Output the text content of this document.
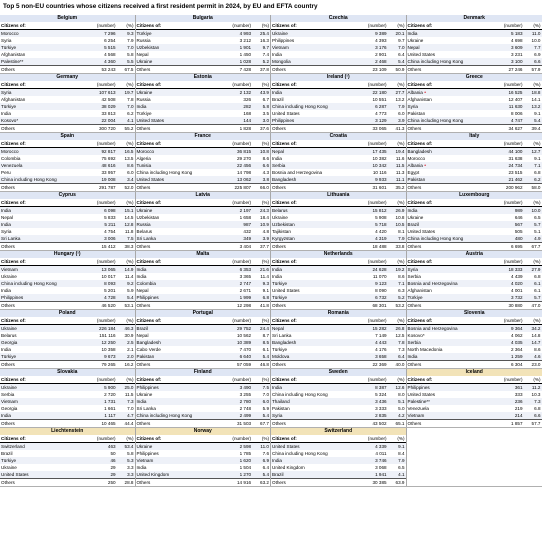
Top 5 non-EU countries whose citizens received a first resident permit in 2024, by EU and EFTA country
Belgium
Citizens of:	(number)	(%)
Morocco	7 296	9.3
Syria	6 254	7.9
Türkiye	5 515	7.0
Afghanistan	4 568	5.8
Palestine**	4 360	5.5
Others	53 243	67.5
Bulgaria
Citizens of:	(number)	(%)
Türkiye	4 993	25.4
Russia	3 212	16.3
Uzbekistan	1 901	9.7
Nepal	1 450	7.4
Ukraine	1 028	5.2
Others	7 428	37.8
Czechia
Citizens of:	(number)	(%)
Ukraine	9 389	20.1
Philippines	4 393	9.7
Vietnam	3 176	7.0
India	2 901	6.4
Mongolia	2 468	5.4
Others	23 109	50.9
Denmark
Citizens of:	(number)	(%)
India	5 183	11.0
Ukraine	4 698	10.0
Nepal	3 609	7.7
United States	3 231	6.9
China including Hong Kong	3 100	6.6
Others	27 246	57.9
Germany
Citizens of:	(number)	(%)
Syria	107 613	19.7
Afghanistan	42 508	7.8
Türkiye	38 029	7.0
India	33 813	6.2
Kosovo*	22 004	4.1
Others	300 720	55.2
Estonia
Citizens of:	(number)	(%)
Ukraine	2 132	43.9
Russia	326	6.7
India	282	5.8
Türkiye	168	3.5
United States	144	3.0
Others	1 828	37.6
Ireland (¹)
Citizens of:	(number)	(%)
India	22 180	27.7
Brazil	10 551	13.2
China including Hong Kong	6 287	7.9
United States	4 773	6.0
Philippines	3 129	3.9
Others	33 065	41.3
Greece
Citizens of:	(number)	(%)
Albania •	16 525	18.8
Afghanistan	12 407	14.1
Syria	11 630	13.2
Pakistan	8 006	9.1
China including Hong Kong	4 747	5.4
Others	34 627	39.4
Spain
Citizens of:	(number)	(%)
Morocco	92 817	16.5
Colombia	75 692	13.5
Venezuela	48 616	8.6
Peru	33 957	6.0
China including Hong Kong	19 008	3.4
Others	291 787	52.0
France
Citizens of:	(number)	(%)
Morocco	36 815	10.8
Algeria	29 270	8.6
Tunisia	22 456	6.6
China including Hong Kong	14 798	4.3
United States	13 062	3.8
Others	225 807	66.0
Croatia
Citizens of:	(number)	(%)
Nepal	17 435	19.4
India	10 382	11.6
Serbia	10 342	11.5
Bosnia and Herzegovina	10 116	11.3
Bangladesh	9 933	11.1
Others	31 601	35.2
Italy
Citizens of:	(number)	(%)
Bangladesh	44 100	12.7
Morocco	31 638	9.1
Albania •	24 734	7.1
Egypt	23 515	6.8
Pakistan	21 462	6.2
Others	200 962	58.0
Cyprus
Citizens of:	(number)	(%)
India	6 098	15.1
Nepal	5 833	14.5
India	5 211	12.8
Syria	4 754	11.8
Sri Lanka	3 006	7.5
Others	15 412	38.3
Latvia
Citizens of:	(number)	(%)
Ukraine	2 197	24.3
Uzbekistan	1 658	18.4
Russia	987	10.9
Belarus	432	4.8
Sri Lanka	349	3.9
Others	3 404	37.7
Lithuania
Citizens of:	(number)	(%)
Belarus	15 812	26.9
Ukraine	5 908	10.8
Uzbekistan	5 718	10.5
Tajikistan	4 420	8.1
Kyrgyzstan	4 319	7.9
Others	18 488	33.8
Luxembourg
Citizens of:	(number)	(%)
India	989	10.0
Ukraine	646	6.5
Brazil	567	5.7
United States	505	5.1
China including Hong Kong	480	4.9
Others	6 695	67.7
Hungary (¹)
Citizens of:	(number)	(%)
Vietnam	13 065	14.9
Ukraine	10 017	11.4
China including Hong Kong	8 093	9.2
India	5 201	5.9
Philippines	4 728	5.4
Others	46 520	53.1
Malta
Citizens of:	(number)	(%)
India	6 353	21.6
India	3 365	11.4
Colombia	2 747	9.3
Nepal	2 671	9.1
Philippines	1 999	6.8
Others	12 298	41.8
Netherlands
Citizens of:	(number)	(%)
India	24 628	19.2
India	11 070	8.6
Türkiye	9 123	7.1
United States	8 090	6.3
Türkiye	6 732	5.2
Others	68 301	53.2
Austria
Citizens of:	(number)	(%)
Syria	18 333	27.9
Serbia	4 439	6.8
Bosnia and Herzegovina	4 020	6.1
Afghanistan	4 001	6.1
Türkiye	3 732	5.7
Others	30 880	47.0
Poland
Citizens of:	(number)	(%)
Ukraine	226 184	46.3
Belarus	151 116	30.9
Georgia	12 250	2.5
India	10 358	2.1
Türkiye	9 673	2.0
Others	79 265	16.2
Portugal
Citizens of:	(number)	(%)
Brazil	29 752	24.4
Nepal	10 562	8.7
Bangladesh	10 389	8.5
Cabo Verde	7 470	6.1
Pakistan	6 640	5.4
Others	57 059	46.8
Romania
Citizens of:	(number)	(%)
Nepal	15 282	26.8
Sri Lanka	7 149	12.5
Bangladesh	4 443	7.8
Türkiye	4 176	7.3
Moldova	3 658	6.4
Others	22 369	40.0
Slovenia
Citizens of:	(number)	(%)
Bosnia and Herzegovina	9 364	34.2
Kosovo*	4 062	14.8
Serbia	4 035	14.7
North Macedonia	2 364	8.6
India	1 259	4.6
Others	6 304	23.0
Slovakia
Citizens of:	(number)	(%)
Ukraine	5 900	25.0
Serbia	2 720	11.5
Vietnam	1 731	7.3
Georgia	1 661	7.0
India	1 117	4.7
Others	10 465	44.4
Finland
Citizens of:	(number)	(%)
Philippines	3 490	7.5
Ukraine	3 255	7.0
India	2 780	6.0
Sri Lanka	2 748	5.9
China including Hong Kong	2 499	5.4
Others	31 503	67.7
Sweden
Citizens of:	(number)	(%)
India	8 387	12.6
China including Hong Kong	5 324	8.0
Thailand	3 436	5.1
Pakistan	3 333	5.0
Syria	2 835	4.2
Others	43 502	65.1
Iceland
Citizens of:	(number)	(%)
Philippines	361	11.2
United States	333	10.3
Palestine**	236	7.3
Venezuela	219	6.8
Vietnam	214	6.6
Others	1 857	57.7
Liechtenstein
Citizens of:	(number)	(%)
Switzerland	463	53.4
Brazil	50	5.8
Türkiye	46	5.3
Ukraine	29	3.3
United States	29	3.3
Others	250	28.8
Norway
Citizens of:	(number)	(%)
Ukraine	2 598	11.0
Philippines	1 785	7.6
Vietnam	1 620	6.9
India	1 504	6.4
United Kingdom	1 270	5.4
Others	14 916	63.2
Switzerland
Citizens of:	(number)	(%)
United States	4 339	9.1
China including Hong Kong	4 011	8.4
India	3 746	7.9
United Kingdom	3 068	6.5
Brazil	1 941	4.1
Others	30 385	63.9
